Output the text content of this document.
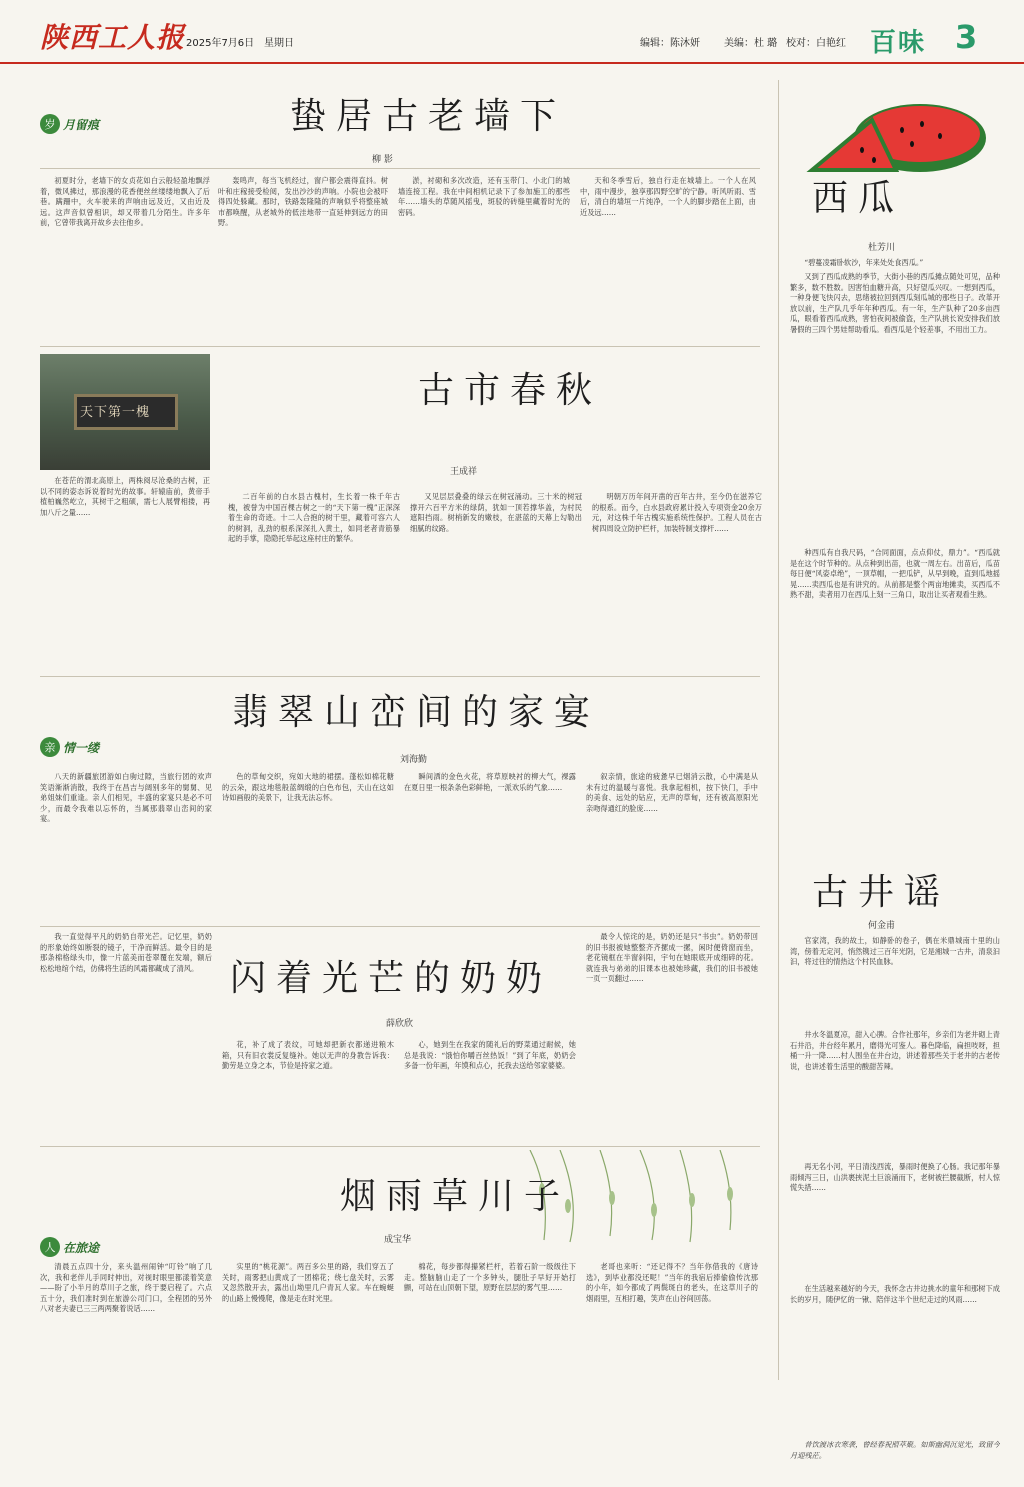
陕西工人报 2025年7月6日 星期日	编辑：陈沐妍 美编：杜 璐 校对：白艳红 百味 3
岁 月留痕	蛰居古老墙下
柳 影

初夏时分，老墙下的女贞花如白云般轻盈地飘浮着，微风拂过，那浪漫的花香便丝丝缕缕地飘入了后巷。蹒跚中，火车驶来的声响由远及近，又由近及远。这声音似曾相识，却又带着几分陌生。许多年前，它曾带我离开故乡去往他乡。

轰鸣声，每当飞机经过，窗户都会震得直抖。树叶和庄稼接受检阅，发出沙沙的声响。小院也会被吓得四处躲藏。那时，铁路轰隆隆的声响似乎将整座城市都唤醒，从老城外的低洼地带一直延伸到远方的田野。

淤，衬砌和多次改造，还有玉带门、小北门的城墙连接工程。我在中间相机记录下了参加施工的那些年……墙头的草随风摇曳，斑驳的砖缝里藏着时光的密码。

天和冬季雪后，独自行走在城墙上。一个人在风中，雨中漫步，独享那四野空旷的宁静。听风听雨、雪后，清白的墙垣一片纯净，一个人的脚步踏在上面，由近及远……	西瓜
杜芳川

“碧蔓凌霜卧软沙，年来处处食西瓜。”

又到了西瓜成熟的季节，大街小巷的西瓜摊点随处可见，品种繁多，数不胜数。因害怕血糖升高，只好望瓜兴叹。一想到西瓜，一种身便飞快闪去，思绪被拉回到西瓜刻瓜城的那些日子。改革开放以前，生产队几乎年年种西瓜。有一年，生产队种了20多亩西瓜，眼看着西瓜成熟，害怕夜间被偷盗，生产队挑长说安排我们放暑假的三四个男娃帮助看瓜。看西瓜是个轻差事，不用出工力。

种西瓜有自我尺码，“合同面面，点点仰仗，鼎力”。“西瓜就是在这个时节种的。从点种到出苗，也就一周左右。出苗后，瓜苗每日便“风姿卓绝”，一顶草帽，一把瓜铲，从早到晚，直到瓜地摇晃……卖西瓜也是有讲究的。从前都是整个两亩地摊卖，买西瓜不熟不甜，卖者用刀在西瓜上刻一三角口，取出让买者观看生熟。

天下第一槐

在苍茫的渭北高原上，两株阅尽沧桑的古树，正以不同的姿态诉说着时光的故事。轩辕庙前，黄帝手植柏巍然屹立，其树干之粗硕，需七人展臂相搂，再加八斤之量……

古市春秋
王成祥

二百年前的白水县古槐村，生长着一株千年古槐，被誉为中国百棵古树之一的“天下第一槐”正深深着生命的奇迹。十二人合抱的树干里，藏着可容六人的树洞，乱劲的根系深深扎入黄土，如同老者青筋暴起的手掌，隐隐托举起这座村庄的繁华。

又见层层叠叠的绿云在树冠涌动。三十米的树冠撑开六百平方米的绿荫，犹如一顶若撑华盖，为村民遮阳挡雨。树梢新发的嫩枝，在湛蓝的天幕上勾勒出细腻的纹路。

明朝万历年间开凿的百年古井，至今仍在滋养它的根系。而今，白水县政府累计投入专项资金20余万元，对这株千年古槐实施系统性保护。工程人员在古树四周设立防护栏杆，加装特制支撑杆……

翡翠山峦间的家宴
亲 情一缕
刘海勤

八天的新疆旅团游如白驹过隙，当旅行团的欢声笑语渐渐消散，我终于在昌吉与阔别多年的舅舅、见弟姐妹们重逢。亲人们相见，丰盛的家宴只是必不可少，而最令我难以忘怀的，当属那翡翠山峦间的家宴。

色的草甸交织，宛如大地的裙摆。蓬松如棉花糖的云朵，跟这地毯般蓝绸缎的白色布包，天山在这如诗如画般的美景下，让我无法忘怀。

瞬间洒的金色火花，将草原映衬的柳大气，裸露在夏日里一根条条色彩鲜艳，一派欢乐的气象……

叙亲情，旅途的疲惫早已烟消云散，心中满是从未有过的温暖与喜悦。我拿起相机，按下快门，手中的美食、远处的钻应，无声的草甸，还有被高原阳光亲吻得通红的脸庞……

古井谣
何金甫

官家湾，我的故土，如静卧的卷子，偶在米鼎城南十里的山湾，傍着无定河，悄然镌过三百年光阴，它是湘城一古井，清泉汩汩，将过往的情热这个村民血脉。

井水冬温夏凉，甜入心脾。合作社那年，乡亲们为老井砌上青石井沿，井台经年累月，磨得光可鉴人。暮色降临，扁担吱呀，担桶一升一降……村人围坐在井台边，讲述着那些关于老井的古老传说，也讲述着生活里的酸甜苦辣。

再无名小河，平日清浅西流，暴雨时便换了心肠。我记那年暴雨倾泻三日，山洪裹挟泥土巨浪涌而下，老树被拦腰截断，村人惊慌失措……

在生活越来越好的今天，我怀念古井边挑水的童年和那树下成长的岁月，随伊忆的一锹、陪伴这半个世纪走过的风雨……

昔饮渡冰衣寒袭，曾经春祝照萃聚。如斯幽洞沉觉光，致留今月迎残茫。

我一直觉得平凡的奶奶自带光芒。记忆里，奶奶的形象始终如断裂的镜子，干净而鲜活。最令目的是那条棉格绿头巾，像一片蓝美而苍翠覆在发端，额后松松地绾个结，仿佛将生活的风霜都藏成了清风。 闪着光芒的奶奶
薛欣欣

花，补了成了表纹，可她却把新衣都递进粮木箱，只有旧衣裳反复缝补。她以无声的身教告诉我：勤劳是立身之本，节俭是持家之道。

心，她到生在我家的随礼后的野菜通过耐候，她总是我说：“饿怕你嚼百丝热饭！”到了年底，奶奶会多备一份年画，年馍和点心，托我去送给邻家婆婆。

最令人惊诧的是，奶奶还是只“书虫”。奶奶带回的旧书报被她整整齐齐摞成一摞，闲时便倚窗而坐，老花镜框在半窗斜阳，宇句在她眼底开成细碎的花。就连我与弟弟的旧课本也被她珍藏，我们的旧书被她一页一页翻过……

烟雨草川子
成宝华
人 在旅途

清晨五点四十分，来头温州闹钟“叮铃”响了几次，我和老伴儿手同时伸出，对视时眼里都漾着笑意——盼了小半月的草川子之旅，终于要启程了。六点五十分，我们准时到在旅游公司门口，全程团的另外八对老夫妻已三三两两聚着说话……

实里的“桃花源”。两百多公里的路，我们穿五了关时，雨雾把山黄成了一团棉花；绕七盘关时，云雾又忽然散开去，露出山坳里几户青瓦人家。车在蜿蜒的山路上慢慢爬，像是走在时光里。

棉花，每步都得攥紧栏杆，若着石阶一级级往下走。整脑脑山走了一个多钟头，腿肚子早好开始打颤，可站在山顶朝下望，原野在层层的雾气里……

老哥也来听：“还记得不？当年你借我的《唐诗选》，到毕业都没还呢！”当年的我宿后捧偷偷传沈那的小年，如今都成了两鬓斑白的老头，在这草川子的烟雨里，互相打趣，笑声在山谷间回荡。
